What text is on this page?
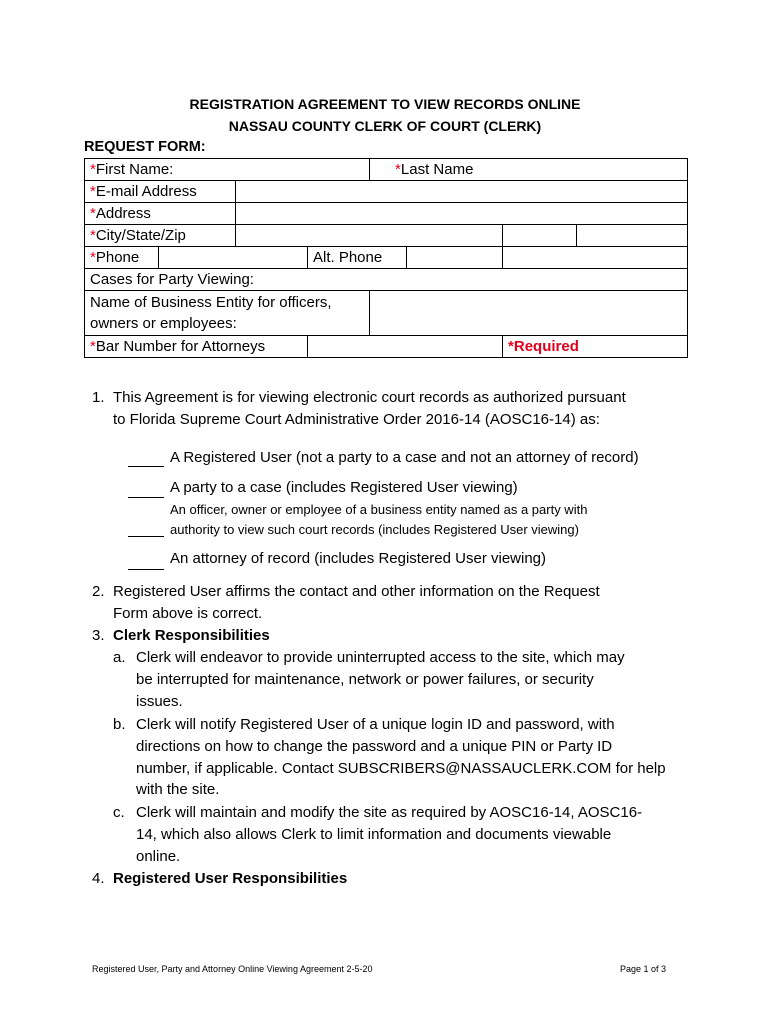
REGISTRATION AGREEMENT TO VIEW RECORDS ONLINE
NASSAU COUNTY CLERK OF COURT (CLERK)
REQUEST FORM:
*First Name:				*Last Name			
*E-mail Address							

*Address							

*City/State/Zip					

*Phone			Alt. Phone			

Cases for Party Viewing:							
Name of Business Entity for officers,
owners or employees:							

*Bar Number for Attorneys						*Required	
1. This Agreement is for viewing electronic court records as authorized pursuant
to Florida Supreme Court Administrative Order 2016-14 (AOSC16-14) as:
A Registered User (not a party to a case and not an attorney of record)
A party to a case (includes Registered User viewing)
An officer, owner or employee of a business entity named as a party with
authority to view such court records (includes Registered User viewing)
An attorney of record (includes Registered User viewing)
2. Registered User affirms the contact and other information on the Request
Form above is correct.
3. Clerk Responsibilities
a. Clerk will endeavor to provide uninterrupted access to the site, which may
be interrupted for maintenance, network or power failures, or security
issues.
b. Clerk will notify Registered User of a unique login ID and password, with
directions on how to change the password and a unique PIN or Party ID
number, if applicable. Contact SUBSCRIBERS@NASSAUCLERK.COM for help
with the site.
c. Clerk will maintain and modify the site as required by AOSC16-14, AOSC16-
14, which also allows Clerk to limit information and documents viewable
online.
4. Registered User Responsibilities
Registered User, Party and Attorney Online Viewing Agreement 2-5-20	Page 1 of 3
